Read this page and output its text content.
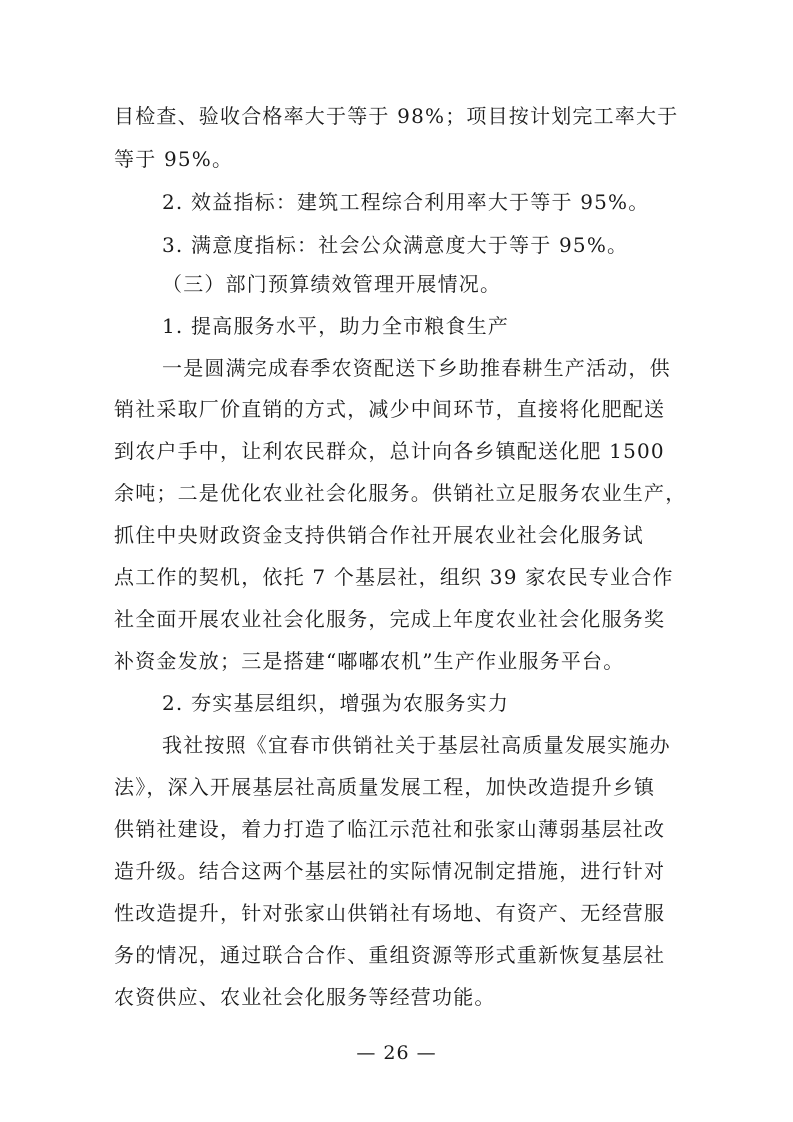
目检查、验收合格率大于等于 98%；项目按计划完工率大于
等于 95%。
2. 效益指标：建筑工程综合利用率大于等于 95%。
3. 满意度指标：社会公众满意度大于等于 95%。
（三）部门预算绩效管理开展情况。
1. 提高服务水平，助力全市粮食生产
一是圆满完成春季农资配送下乡助推春耕生产活动，供
销社采取厂价直销的方式，减少中间环节，直接将化肥配送
到农户手中，让利农民群众，总计向各乡镇配送化肥 1500
余吨；二是优化农业社会化服务。供销社立足服务农业生产，
抓住中央财政资金支持供销合作社开展农业社会化服务试
点工作的契机，依托 7 个基层社，组织 39 家农民专业合作
社全面开展农业社会化服务，完成上年度农业社会化服务奖
补资金发放；三是搭建“嘟嘟农机”生产作业服务平台。
2. 夯实基层组织，增强为农服务实力
我社按照《宜春市供销社关于基层社高质量发展实施办
法》，深入开展基层社高质量发展工程，加快改造提升乡镇
供销社建设，着力打造了临江示范社和张家山薄弱基层社改
造升级。结合这两个基层社的实际情况制定措施，进行针对
性改造提升，针对张家山供销社有场地、有资产、无经营服
务的情况，通过联合合作、重组资源等形式重新恢复基层社
农资供应、农业社会化服务等经营功能。
— 26 —
